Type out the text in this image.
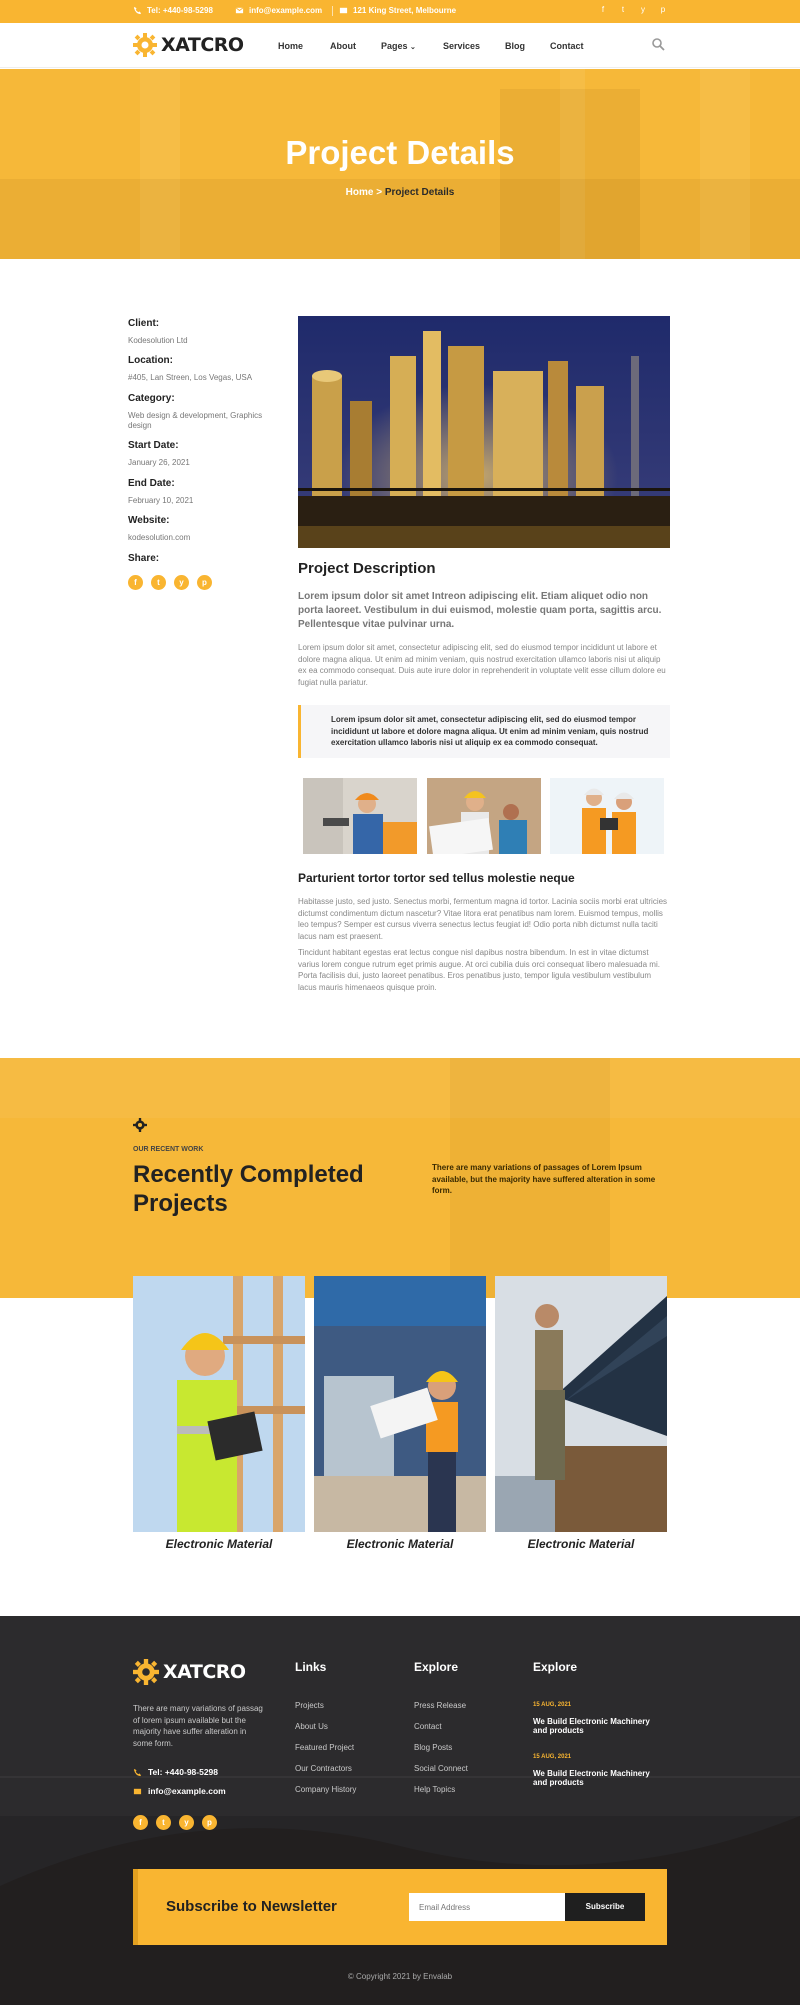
Tel: +440-98-5298	info@example.com	121 King Street, Melbourne	f	t	y	p
XATCRO	Home	About	Pages ⌄	Services	Blog	Contact
Project Details
Home > Project Details
Client:
Kodesolution Ltd
Location:
#405, Lan Streen, Los Vegas, USA
Category:
Web design & development, Graphics design
Start Date:
January 26, 2021
End Date:
February 10, 2021
Website:
kodesolution.com
Share:
f	t	y	p
Project Description
Lorem ipsum dolor sit amet Intreon adipiscing elit. Etiam aliquet odio non porta laoreet. Vestibulum in dui euismod, molestie quam porta, sagittis arcu. Pellentesque vitae pulvinar urna.
Lorem ipsum dolor sit amet, consectetur adipiscing elit, sed do eiusmod tempor incididunt ut labore et dolore magna aliqua. Ut enim ad minim veniam, quis nostrud exercitation ullamco laboris nisi ut aliquip ex ea commodo consequat. Duis aute irure dolor in reprehenderit in voluptate velit esse cillum dolore eu fugiat nulla pariatur.
Lorem ipsum dolor sit amet, consectetur adipiscing elit, sed do eiusmod tempor incididunt ut labore et dolore magna aliqua. Ut enim ad minim veniam, quis nostrud exercitation ullamco laboris nisi ut aliquip ex ea commodo consequat.
Parturient tortor tortor sed tellus molestie neque
Habitasse justo, sed justo. Senectus morbi, fermentum magna id tortor. Lacinia sociis morbi erat ultricies dictumst condimentum dictum nascetur? Vitae litora erat penatibus nam lorem. Euismod tempus, mollis leo tempus? Semper est cursus viverra senectus lectus feugiat id! Odio porta nibh dictumst nulla taciti lacus nam est praesent.
Tincidunt habitant egestas erat lectus congue nisl dapibus nostra bibendum. In est in vitae dictumst varius lorem congue rutrum eget primis augue. At orci cubilia duis orci consequat libero malesuada mi. Porta facilisis dui, justo laoreet penatibus. Eros penatibus justo, tempor ligula vestibulum vestibulum lacus mauris himenaeos quisque proin.
OUR RECENT WORK
Recently Completed Projects
There are many variations of passages of Lorem Ipsum available, but the majority have suffered alteration in some form.
Electronic Material	Electronic Material	Electronic Material
XATCRO
There are many variations of passag of lorem ipsum available but the majority have suffer alteration in some form.
Tel: +440-98-5298
info@example.com
f	t	y	p
Links
Projects
About Us
Featured Project
Our Contractors
Company History
Explore
Press Release
Contact
Blog Posts
Social Connect
Help Topics
Explore
15 AUG, 2021
We Build Electronic Machinery and products
15 AUG, 2021
We Build Electronic Machinery and products
Subscribe to Newsletter
Email Address	Subscribe
© Copyright 2021 by Envalab
